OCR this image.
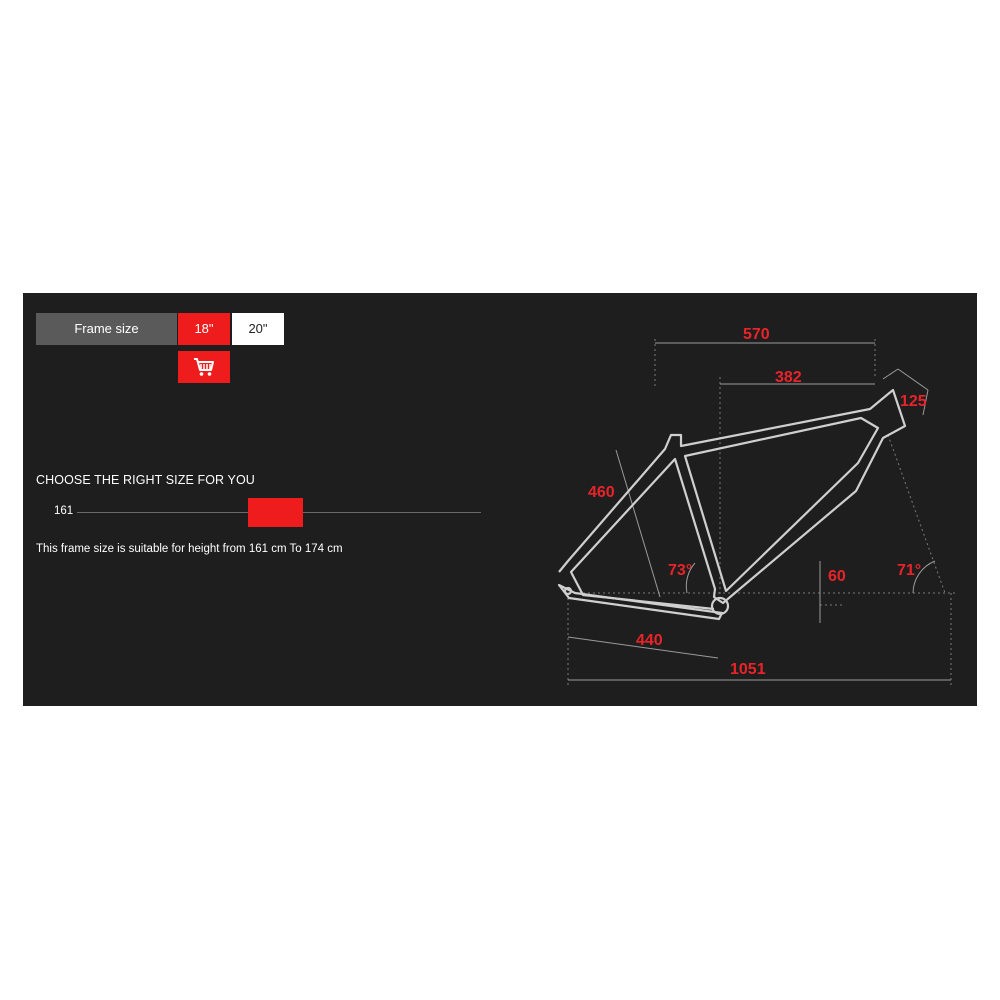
Frame size	18"	20"
CHOOSE THE RIGHT SIZE FOR YOU
161
This frame size is suitable for height from 161 cm To 174 cm
570
382
125
460
73°	60	71°
440
1051
